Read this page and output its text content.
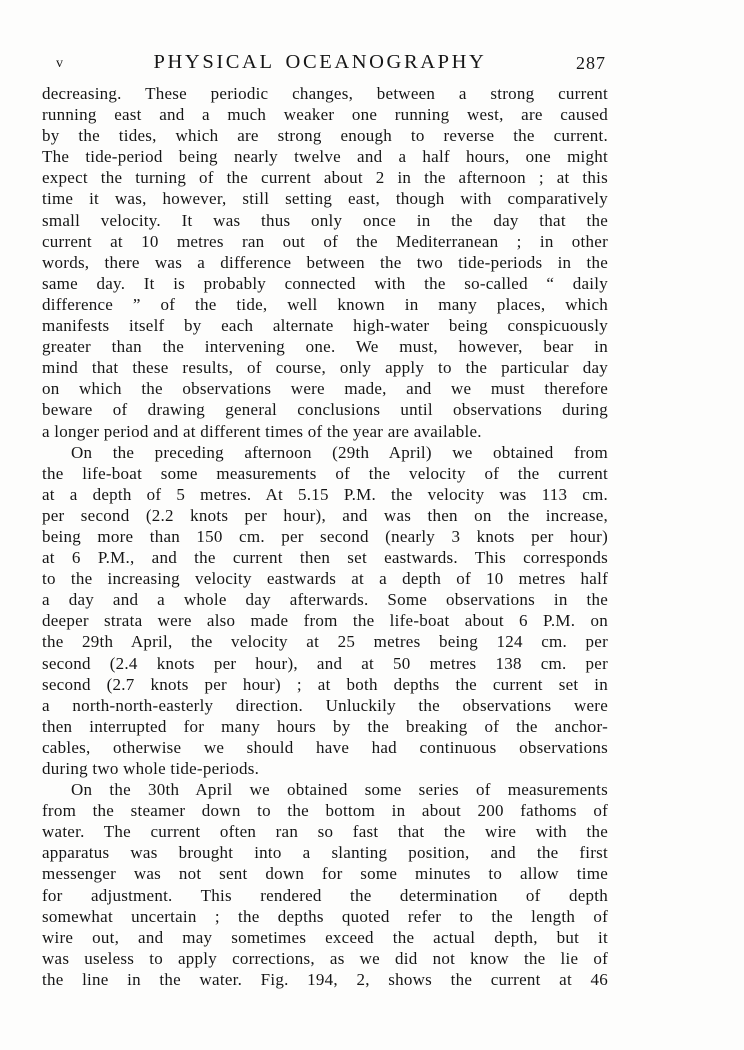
v	PHYSICAL OCEANOGRAPHY	287
decreasing. These periodic changes, between a strong current
running east and a much weaker one running west, are caused
by the tides, which are strong enough to reverse the current.
The tide-period being nearly twelve and a half hours, one might
expect the turning of the current about 2 in the afternoon ; at this
time it was, however, still setting east, though with comparatively
small velocity. It was thus only once in the day that the
current at 10 metres ran out of the Mediterranean ; in other
words, there was a difference between the two tide-periods in the
same day. It is probably connected with the so-called “ daily
difference ” of the tide, well known in many places, which
manifests itself by each alternate high-water being conspicuously
greater than the intervening one. We must, however, bear in
mind that these results, of course, only apply to the particular day
on which the observations were made, and we must therefore
beware of drawing general conclusions until observations during
a longer period and at different times of the year are available.
On the preceding afternoon (29th April) we obtained from
the life-boat some measurements of the velocity of the current
at a depth of 5 metres. At 5.15 P.M. the velocity was 113 cm.
per second (2.2 knots per hour), and was then on the increase,
being more than 150 cm. per second (nearly 3 knots per hour)
at 6 P.M., and the current then set eastwards. This corresponds
to the increasing velocity eastwards at a depth of 10 metres half
a day and a whole day afterwards. Some observations in the
deeper strata were also made from the life-boat about 6 P.M. on
the 29th April, the velocity at 25 metres being 124 cm. per
second (2.4 knots per hour), and at 50 metres 138 cm. per
second (2.7 knots per hour) ; at both depths the current set in
a north-north-easterly direction. Unluckily the observations were
then interrupted for many hours by the breaking of the anchor-
cables, otherwise we should have had continuous observations
during two whole tide-periods.
On the 30th April we obtained some series of measurements
from the steamer down to the bottom in about 200 fathoms of
water. The current often ran so fast that the wire with the
apparatus was brought into a slanting position, and the first
messenger was not sent down for some minutes to allow time
for adjustment. This rendered the determination of depth
somewhat uncertain ; the depths quoted refer to the length of
wire out, and may sometimes exceed the actual depth, but it
was useless to apply corrections, as we did not know the lie of
the line in the water. Fig. 194, 2, shows the current at 46
